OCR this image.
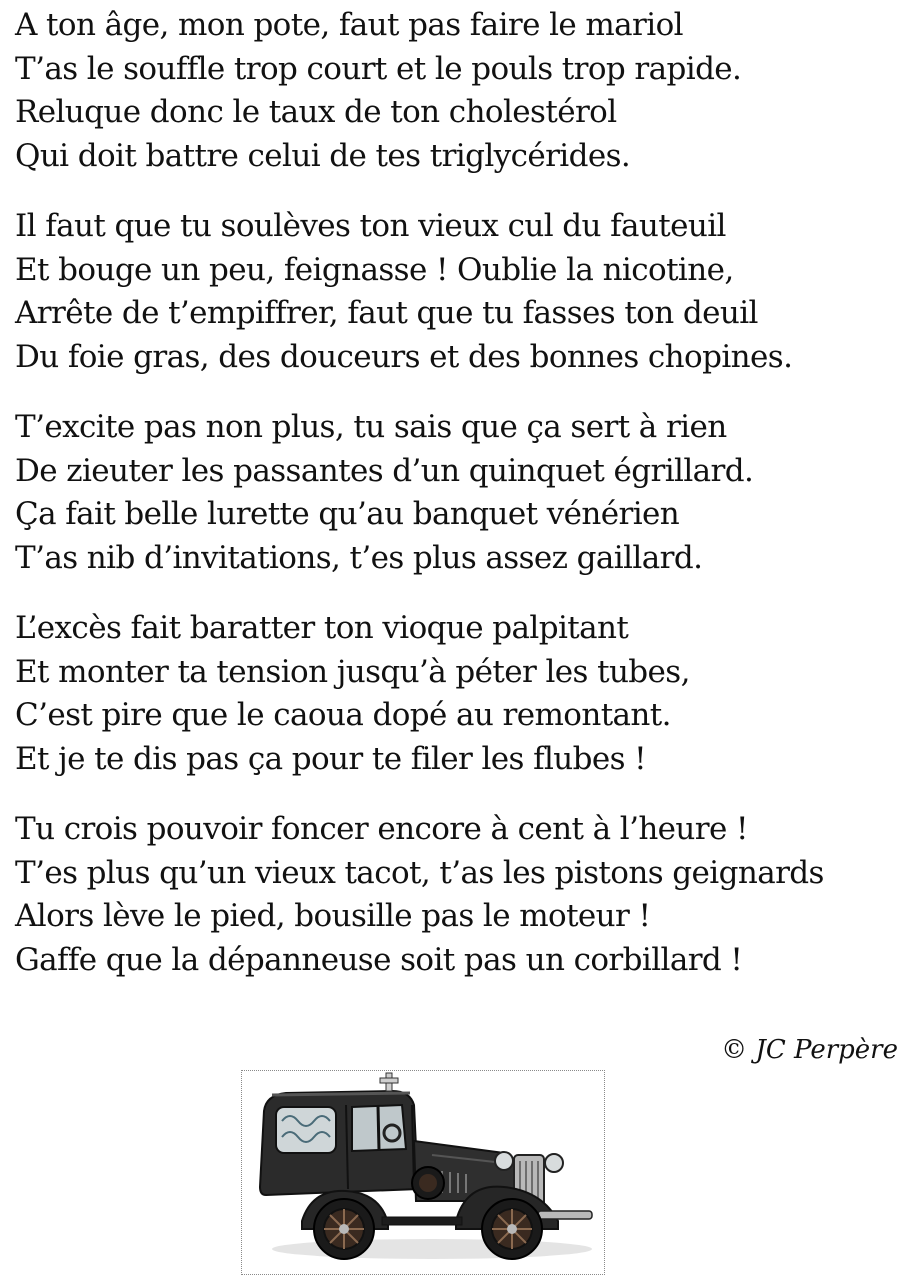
A ton âge, mon pote, faut pas faire le mariol
T’as le souffle trop court et le pouls trop rapide.
Reluque donc le taux de ton cholestérol
Qui doit battre celui de tes triglycérides.
Il faut que tu soulèves ton vieux cul du fauteuil
Et bouge un peu, feignasse ! Oublie la nicotine,
Arrête de t’empiffrer, faut que tu fasses ton deuil
Du foie gras, des douceurs et des bonnes chopines.
T’excite pas non plus, tu sais que ça sert à rien
De zieuter les passantes d’un quinquet égrillard.
Ça fait belle lurette qu’au banquet vénérien
T’as nib d’invitations, t’es plus assez gaillard.
L’excès fait baratter ton vioque palpitant
Et monter ta tension jusqu’à péter les tubes,
C’est pire que le caoua dopé au remontant.
Et je te dis pas ça pour te filer les flubes !
Tu crois pouvoir foncer encore à cent à l’heure !
T’es plus qu’un vieux tacot, t’as les pistons geignards
Alors lève le pied, bousille pas le moteur !
Gaffe que la dépanneuse soit pas un corbillard !
© JC Perpère
